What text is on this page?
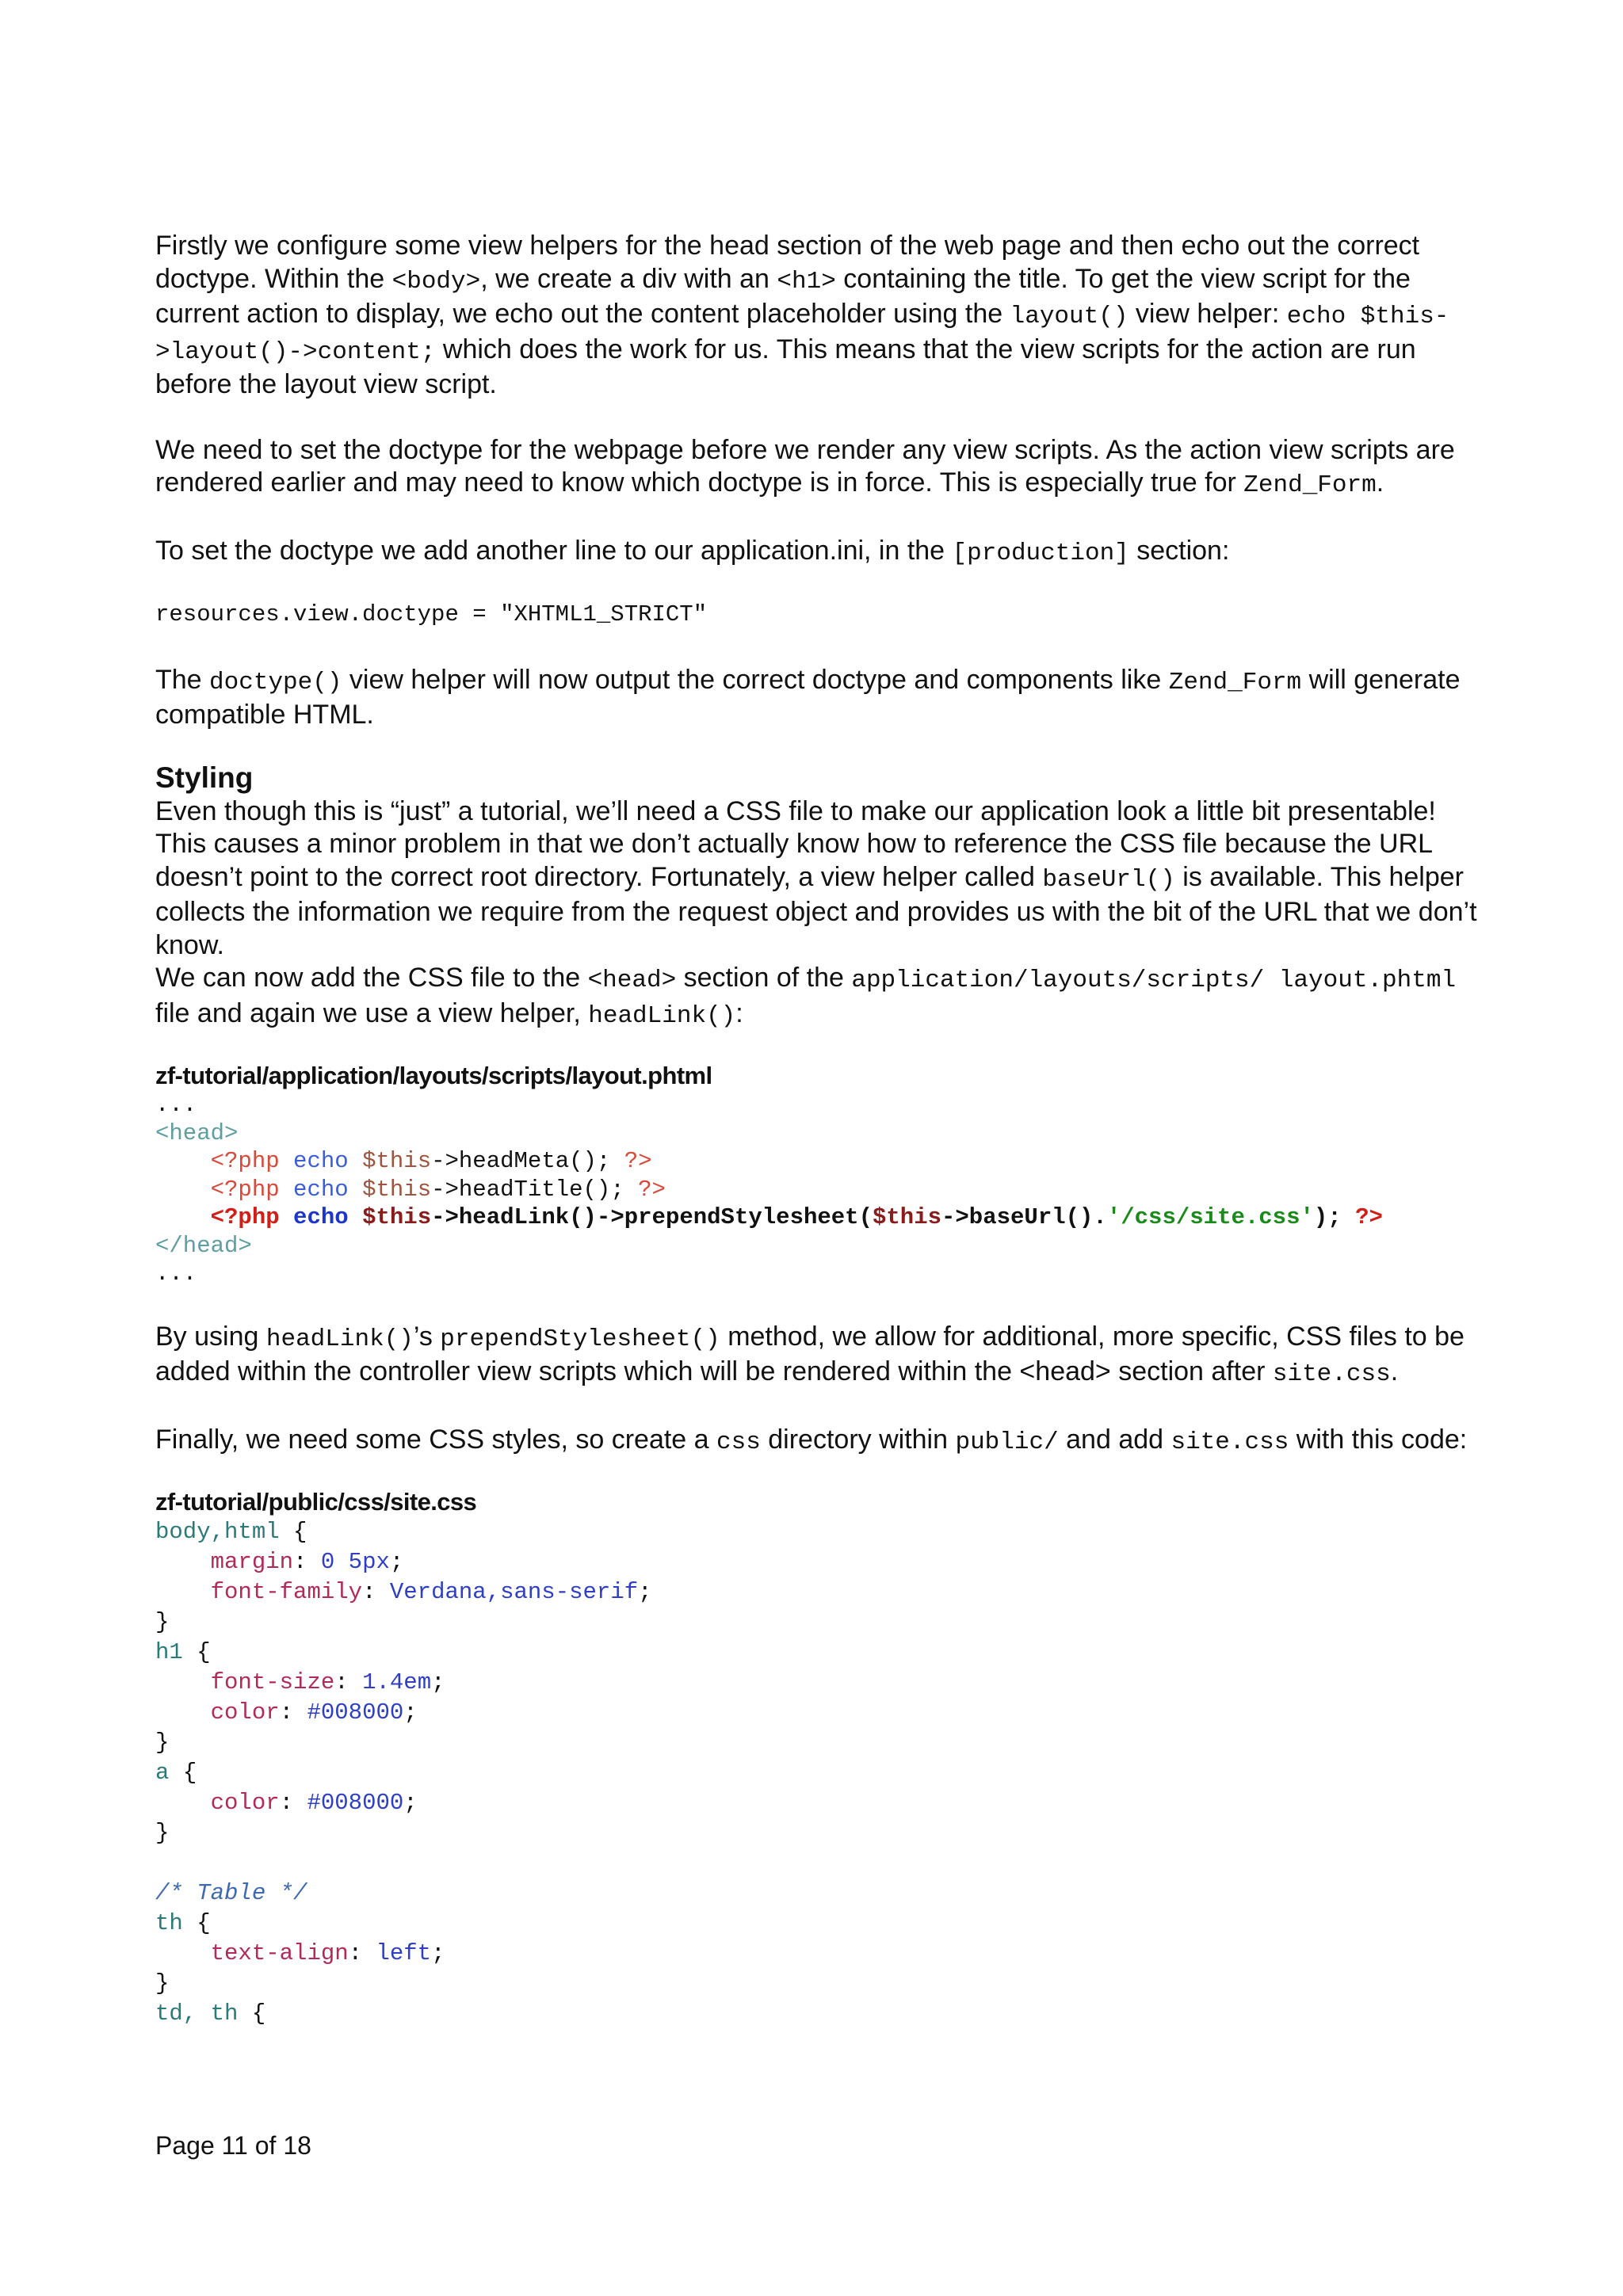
Firstly we configure some view helpers for the head section of the web page and then echo out the correct doctype. Within the <body>, we create a div with an <h1> containing the title. To get the view script for the current action to display, we echo out the content placeholder using the layout() view helper: echo $this->layout()->content; which does the work for us. This means that the view scripts for the action are run before the layout view script.

We need to set the doctype for the webpage before we render any view scripts. As the action view scripts are rendered earlier and may need to know which doctype is in force. This is especially true for Zend_Form.

To set the doctype we add another line to our application.ini, in the [production] section:

resources.view.doctype = "XHTML1_STRICT"

The doctype() view helper will now output the correct doctype and components like Zend_Form will generate compatible HTML.

Styling

Even though this is “just” a tutorial, we’ll need a CSS file to make our application look a little bit presentable! This causes a minor problem in that we don’t actually know how to reference the CSS file because the URL doesn’t point to the correct root directory. Fortunately, a view helper called baseUrl() is available. This helper collects the information we require from the request object and provides us with the bit of the URL that we don’t know.

We can now add the CSS file to the <head> section of the application/layouts/scripts/ layout.phtml file and again we use a view helper, headLink():

zf-tutorial/application/layouts/scripts/layout.phtml
...
<head>
<?php echo $this->headMeta(); ?>
<?php echo $this->headTitle(); ?>
<?php echo $this->headLink()->prependStylesheet($this->baseUrl().'/css/site.css'); ?>
</head>
...

By using headLink()’s prependStylesheet() method, we allow for additional, more specific, CSS files to be added within the controller view scripts which will be rendered within the <head> section after site.css.

Finally, we need some CSS styles, so create a css directory within public/ and add site.css with this code:

zf-tutorial/public/css/site.css
body,html {
margin: 0 5px;
font-family: Verdana,sans-serif;
}
h1 {
font-size: 1.4em;
color: #008000;
}
a {
color: #008000;
}

/* Table */
th {
text-align: left;
}
td, th {
Page 11 of 18
